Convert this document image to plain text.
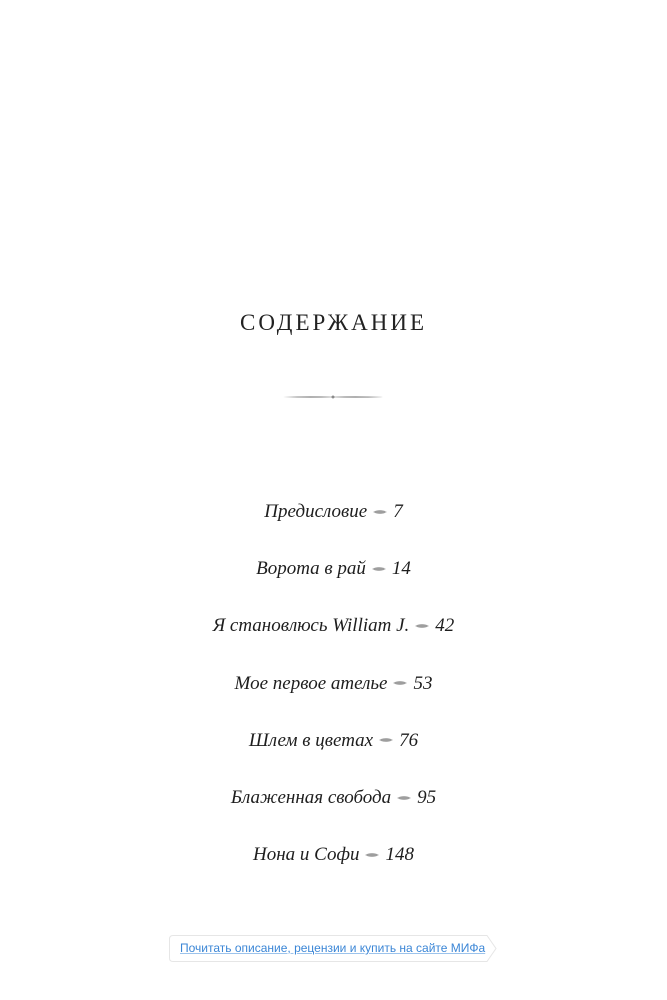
СОДЕРЖАНИЕ
Предисловие 7
Ворота в рай 14
Я становлюсь William J. 42
Мое первое ателье 53
Шлем в цветах 76
Блаженная свобода 95
Нона и Софи 148
Почитать описание, рецензии и купить на сайте МИФа
